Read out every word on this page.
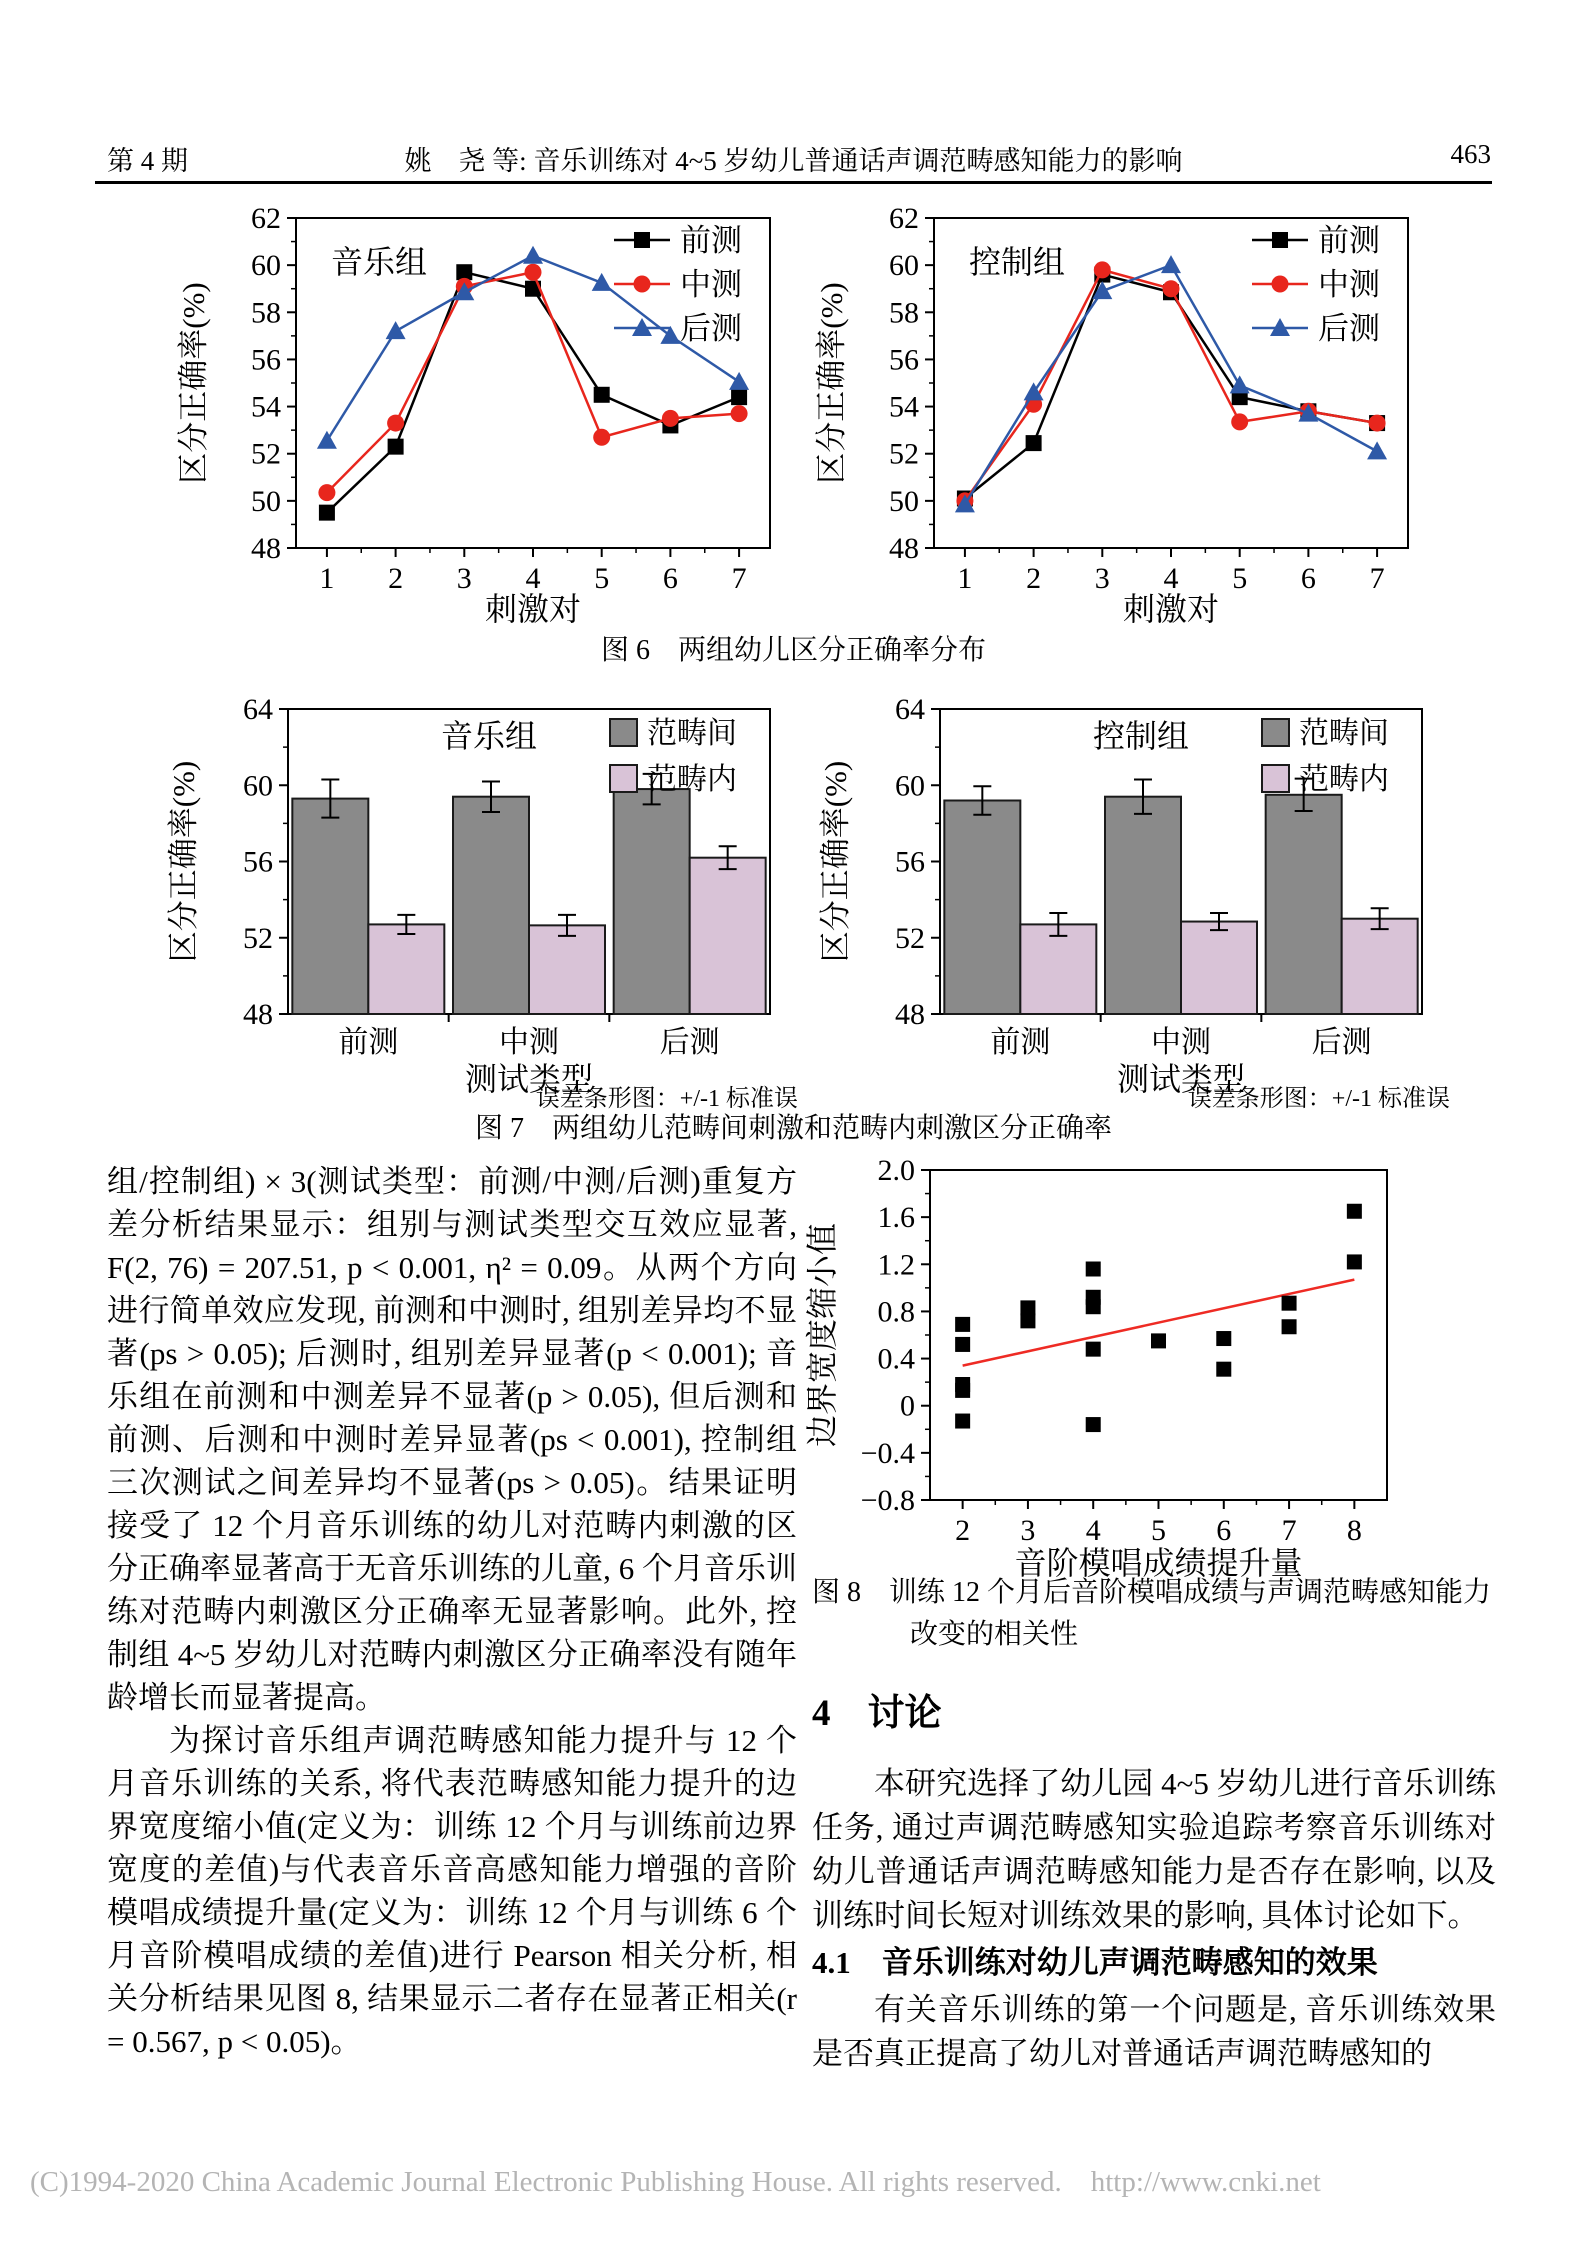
第 4 期	姚　尧 等: 音乐训练对 4~5 岁幼儿普通话声调范畴感知能力的影响	463
48
50
52
54
56
58
60
62
1 2 3 4 5 6 7
音乐组
前测
中测
后测
区分正确率(%)
刺激对
48
50
52
54
56
58
60
62
1 2 3 4 5 6 7
控制组
前测
中测
后测
区分正确率(%)
刺激对
图 6　两组幼儿区分正确率分布
48
52
56
60
64
前测	中测	后测
音乐组	范畴间
范畴内
区分正确率(%)
测试类型
误差条形图：+/-1 标准误
48
52
56
60
64
前测	中测	后测
控制组	范畴间
范畴内
区分正确率(%)
测试类型
误差条形图：+/-1 标准误
图 7　两组幼儿范畴间刺激和范畴内刺激区分正确率

组/控制组) × 3(测试类型：前测/中测/后测)重复方差分析结果显示：组别与测试类型交互效应显著, F(2, 76) = 207.51, p < 0.001, η² = 0.09。从两个方向进行简单效应发现, 前测和中测时, 组别差异均不显著(ps > 0.05); 后测时, 组别差异显著(p < 0.001); 音乐组在前测和中测差异不显著(p > 0.05), 但后测和前测、后测和中测时差异显著(ps < 0.001), 控制组三次测试之间差异均不显著(ps > 0.05)。结果证明接受了 12 个月音乐训练的幼儿对范畴内刺激的区分正确率显著高于无音乐训练的儿童, 6 个月音乐训练对范畴内刺激区分正确率无显著影响。此外, 控制组 4~5 岁幼儿对范畴内刺激区分正确率没有随年龄增长而显著提高。

为探讨音乐组声调范畴感知能力提升与 12 个月音乐训练的关系, 将代表范畴感知能力提升的边界宽度缩小值(定义为：训练 12 个月与训练前边界宽度的差值)与代表音乐音高感知能力增强的音阶模唱成绩提升量(定义为：训练 12 个月与训练 6 个月音阶模唱成绩的差值)进行 Pearson 相关分析, 相关分析结果见图 8, 结果显示二者存在显著正相关(r = 0.567, p < 0.05)。

−0.8
−0.4
0
0.4
0.8
1.2
1.6
2.0
2 3 4 5 6 7 8
边界宽度缩小值
音阶模唱成绩提升量
图 8　训练 12 个月后音阶模唱成绩与声调范畴感知能力
改变的相关性
4　讨论

本研究选择了幼儿园 4~5 岁幼儿进行音乐训练任务, 通过声调范畴感知实验追踪考察音乐训练对幼儿普通话声调范畴感知能力是否存在影响, 以及训练时间长短对训练效果的影响, 具体讨论如下。

4.1　音乐训练对幼儿声调范畴感知的效果

有关音乐训练的第一个问题是, 音乐训练效果是否真正提高了幼儿对普通话声调范畴感知的

(C)1994-2020 China Academic Journal Electronic Publishing House. All rights reserved.    http://www.cnki.net
